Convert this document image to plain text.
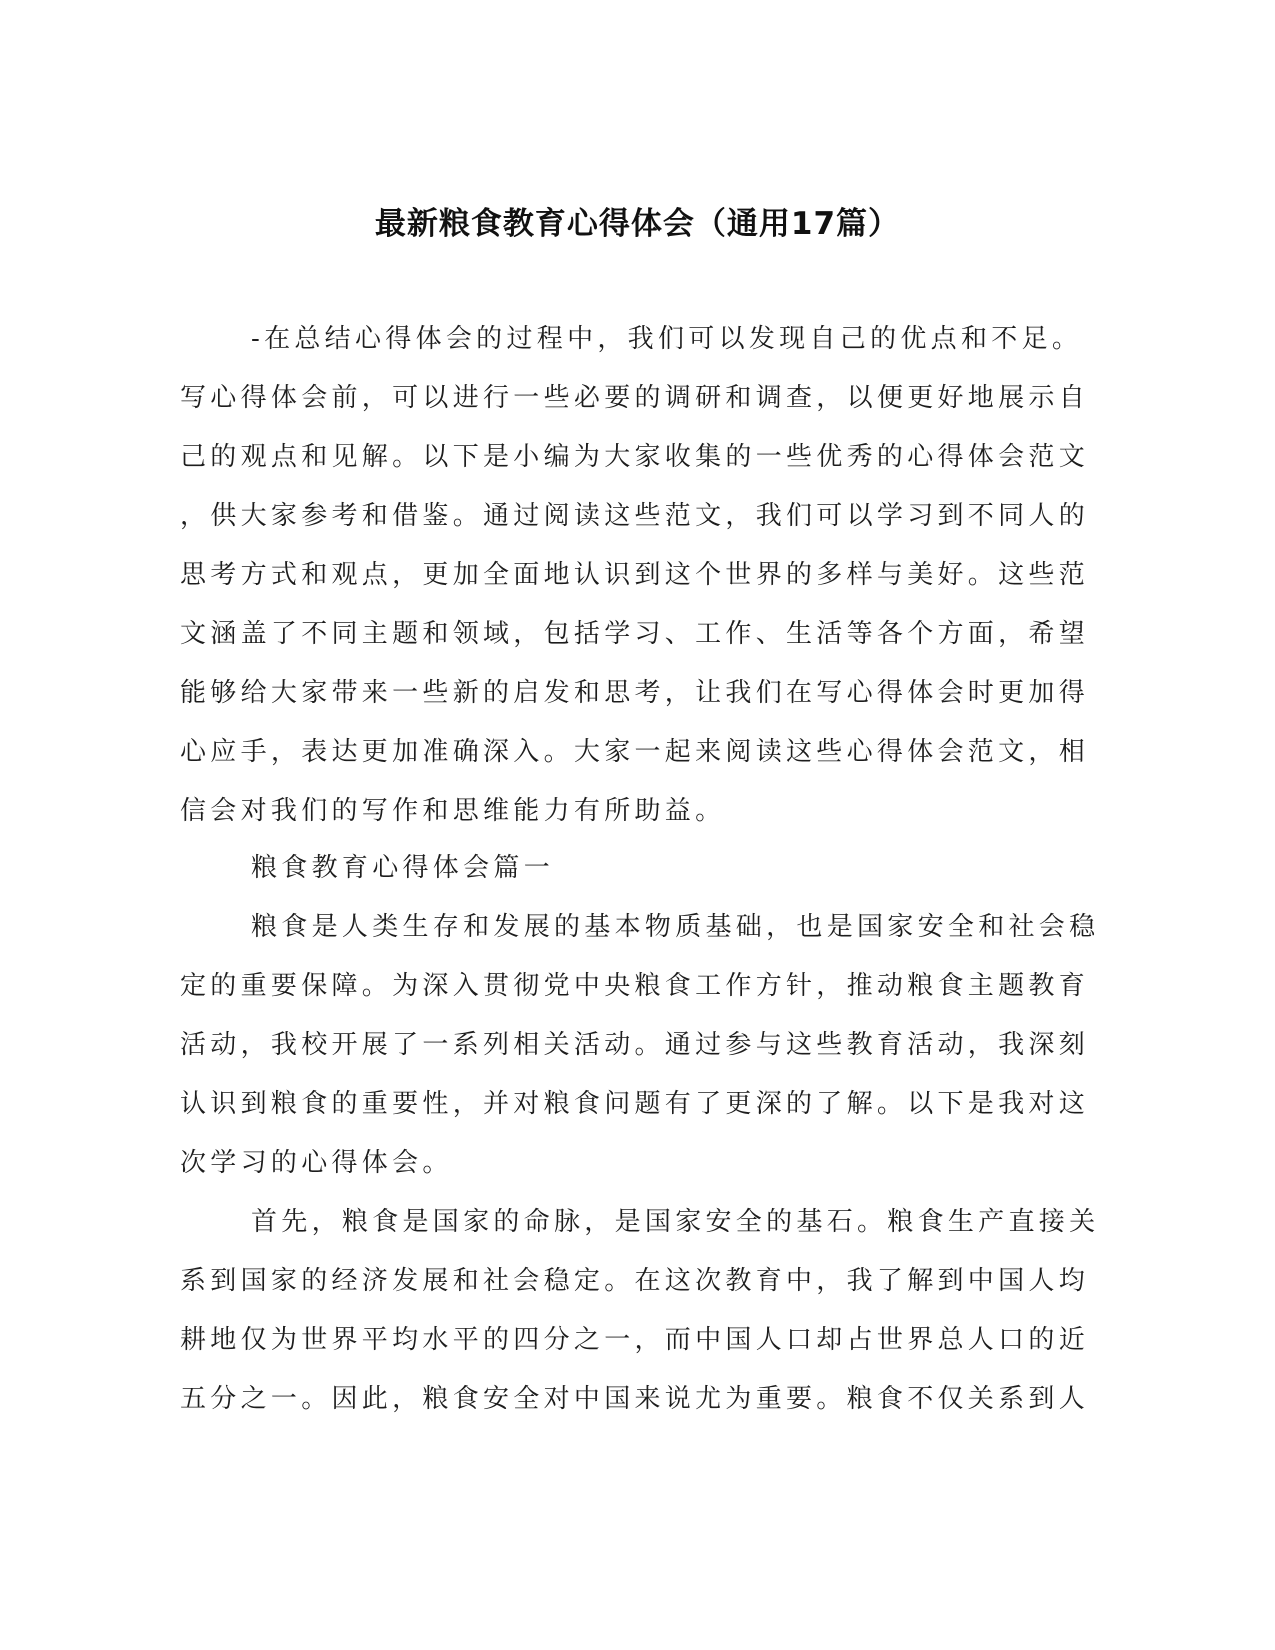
最新粮食教育心得体会（通用17篇）
-在总结心得体会的过程中，我们可以发现自己的优点和不足。
写心得体会前，可以进行一些必要的调研和调查，以便更好地展示自
己的观点和见解。以下是小编为大家收集的一些优秀的心得体会范文
，供大家参考和借鉴。通过阅读这些范文，我们可以学习到不同人的
思考方式和观点，更加全面地认识到这个世界的多样与美好。这些范
文涵盖了不同主题和领域，包括学习、工作、生活等各个方面，希望
能够给大家带来一些新的启发和思考，让我们在写心得体会时更加得
心应手，表达更加准确深入。大家一起来阅读这些心得体会范文，相
信会对我们的写作和思维能力有所助益。
粮食教育心得体会篇一
粮食是人类生存和发展的基本物质基础，也是国家安全和社会稳
定的重要保障。为深入贯彻党中央粮食工作方针，推动粮食主题教育
活动，我校开展了一系列相关活动。通过参与这些教育活动，我深刻
认识到粮食的重要性，并对粮食问题有了更深的了解。以下是我对这
次学习的心得体会。
首先，粮食是国家的命脉，是国家安全的基石。粮食生产直接关
系到国家的经济发展和社会稳定。在这次教育中，我了解到中国人均
耕地仅为世界平均水平的四分之一，而中国人口却占世界总人口的近
五分之一。因此，粮食安全对中国来说尤为重要。粮食不仅关系到人
